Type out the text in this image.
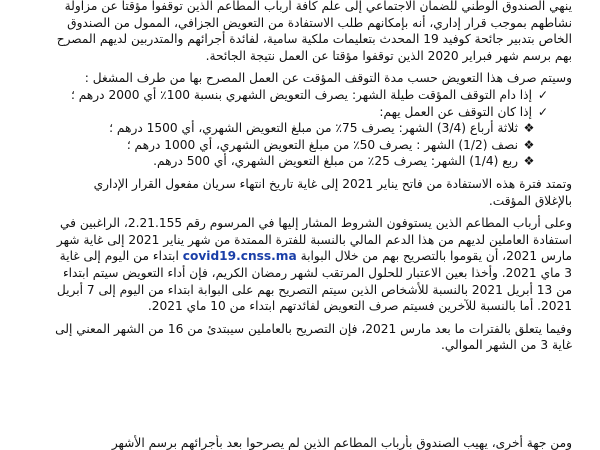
ينهي الصندوق الوطني للضمان الاجتماعي إلى علم كافة أرباب المطاعم الذين توقفوا مؤقتا عن مزاولة
نشاطهم بموجب قرار إداري، أنه بإمكانهم طلب الاستفادة من التعويض الجزافي، الممول من الصندوق
الخاص بتدبير جائحة كوفيد 19 المحدث بتعليمات ملكية سامية، لفائدة أجرائهم والمتدربين لديهم المصرح
بهم برسم شهر فبراير 2020 الذين توقفوا مؤقتا عن العمل نتيجة الجائحة.

وسيتم صرف هذا التعويض حسب مدة التوقف المؤقت عن العمل المصرح بها من طرف المشغل :
✓إذا دام التوقف المؤقت طيلة الشهر: يصرف التعويض الشهري بنسبة 100٪ أي 2000 درهم ؛
✓إذا كان التوقف عن العمل يهم:
❖ثلاثة أرباع (3/4) الشهر: يصرف 75٪ من مبلغ التعويض الشهري، أي 1500 درهم ؛
❖نصف (1/2) الشهر : يصرف 50٪ من مبلغ التعويض الشهري، أي 1000 درهم ؛
❖ربع (1/4) الشهر: يصرف 25٪ من مبلغ التعويض الشهري، أي 500 درهم.

وتمتد فترة هذه الاستفادة من فاتح يناير 2021 إلى غاية تاريخ انتهاء سريان مفعول القرار الإداري
بالإغلاق المؤقت.

وعلى أرباب المطاعم الذين يستوفون الشروط المشار إليها في المرسوم رقم 2.21.155، الراغبين في
استفادة العاملين لديهم من هذا الدعم المالي بالنسبة للفترة الممتدة من شهر يناير 2021 إلى غاية شهر
مارس 2021، أن يقوموا بالتصريح بهم من خلال البوابة covid19.cnss.ma ابتداء من اليوم إلى غاية
3 ماي 2021. وأخذا بعين الاعتبار للحلول المرتقب لشهر رمضان الكريم، فإن أداء التعويض سيتم ابتداء
من 13 أبريل 2021 بالنسبة للأشخاص الذين سيتم التصريح بهم على البوابة ابتداء من اليوم إلى 7 أبريل
2021. أما بالنسبة للآخرين فسيتم صرف التعويض لفائدتهم ابتداء من 10 ماي 2021.

وفيما يتعلق بالفترات ما بعد مارس 2021، فإن التصريح بالعاملين سيبتدئ من 16 من الشهر المعني إلى
غاية 3 من الشهر الموالي.

ومن جهة أخرى، يهيب الصندوق بأرباب المطاعم الذين لم يصرحوا بعد بأجرائهم برسم الأشهر
